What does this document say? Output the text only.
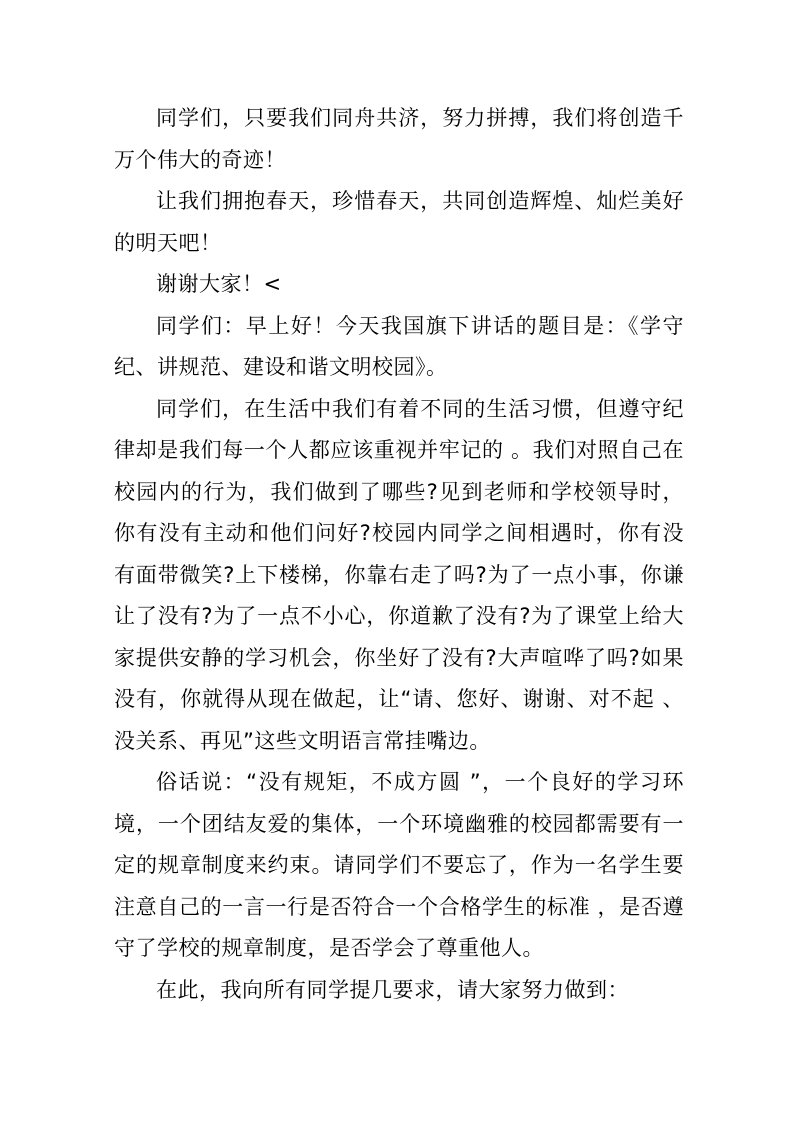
同学们，只要我们同舟共济，努力拼搏，我们将创造千万个伟大的奇迹！

让我们拥抱春天，珍惜春天，共同创造辉煌、灿烂美好的明天吧！

谢谢大家！<

同学们：早上好！今天我国旗下讲话的题目是：《学守纪、讲规范、建设和谐文明校园》。

同学们，在生活中我们有着不同的生活习惯，但遵守纪律却是我们每一个人都应该重视并牢记的 。我们对照自己在校园内的行为，我们做到了哪些?见到老师和学校领导时，你有没有主动和他们问好?校园内同学之间相遇时，你有没有面带微笑?上下楼梯，你靠右走了吗?为了一点小事，你谦让了没有?为了一点不小心，你道歉了没有?为了课堂上给大家提供安静的学习机会，你坐好了没有?大声喧哗了吗?如果没有，你就得从现在做起，让“请、您好、谢谢、对不起 、没关系、再见”这些文明语言常挂嘴边。

俗话说：“没有规矩，不成方圆 ”，一个良好的学习环境，一个团结友爱的集体，一个环境幽雅的校园都需要有一定的规章制度来约束。请同学们不要忘了，作为一名学生要注意自己的一言一行是否符合一个合格学生的标准 ，是否遵守了学校的规章制度，是否学会了尊重他人。

在此，我向所有同学提几要求，请大家努力做到：
